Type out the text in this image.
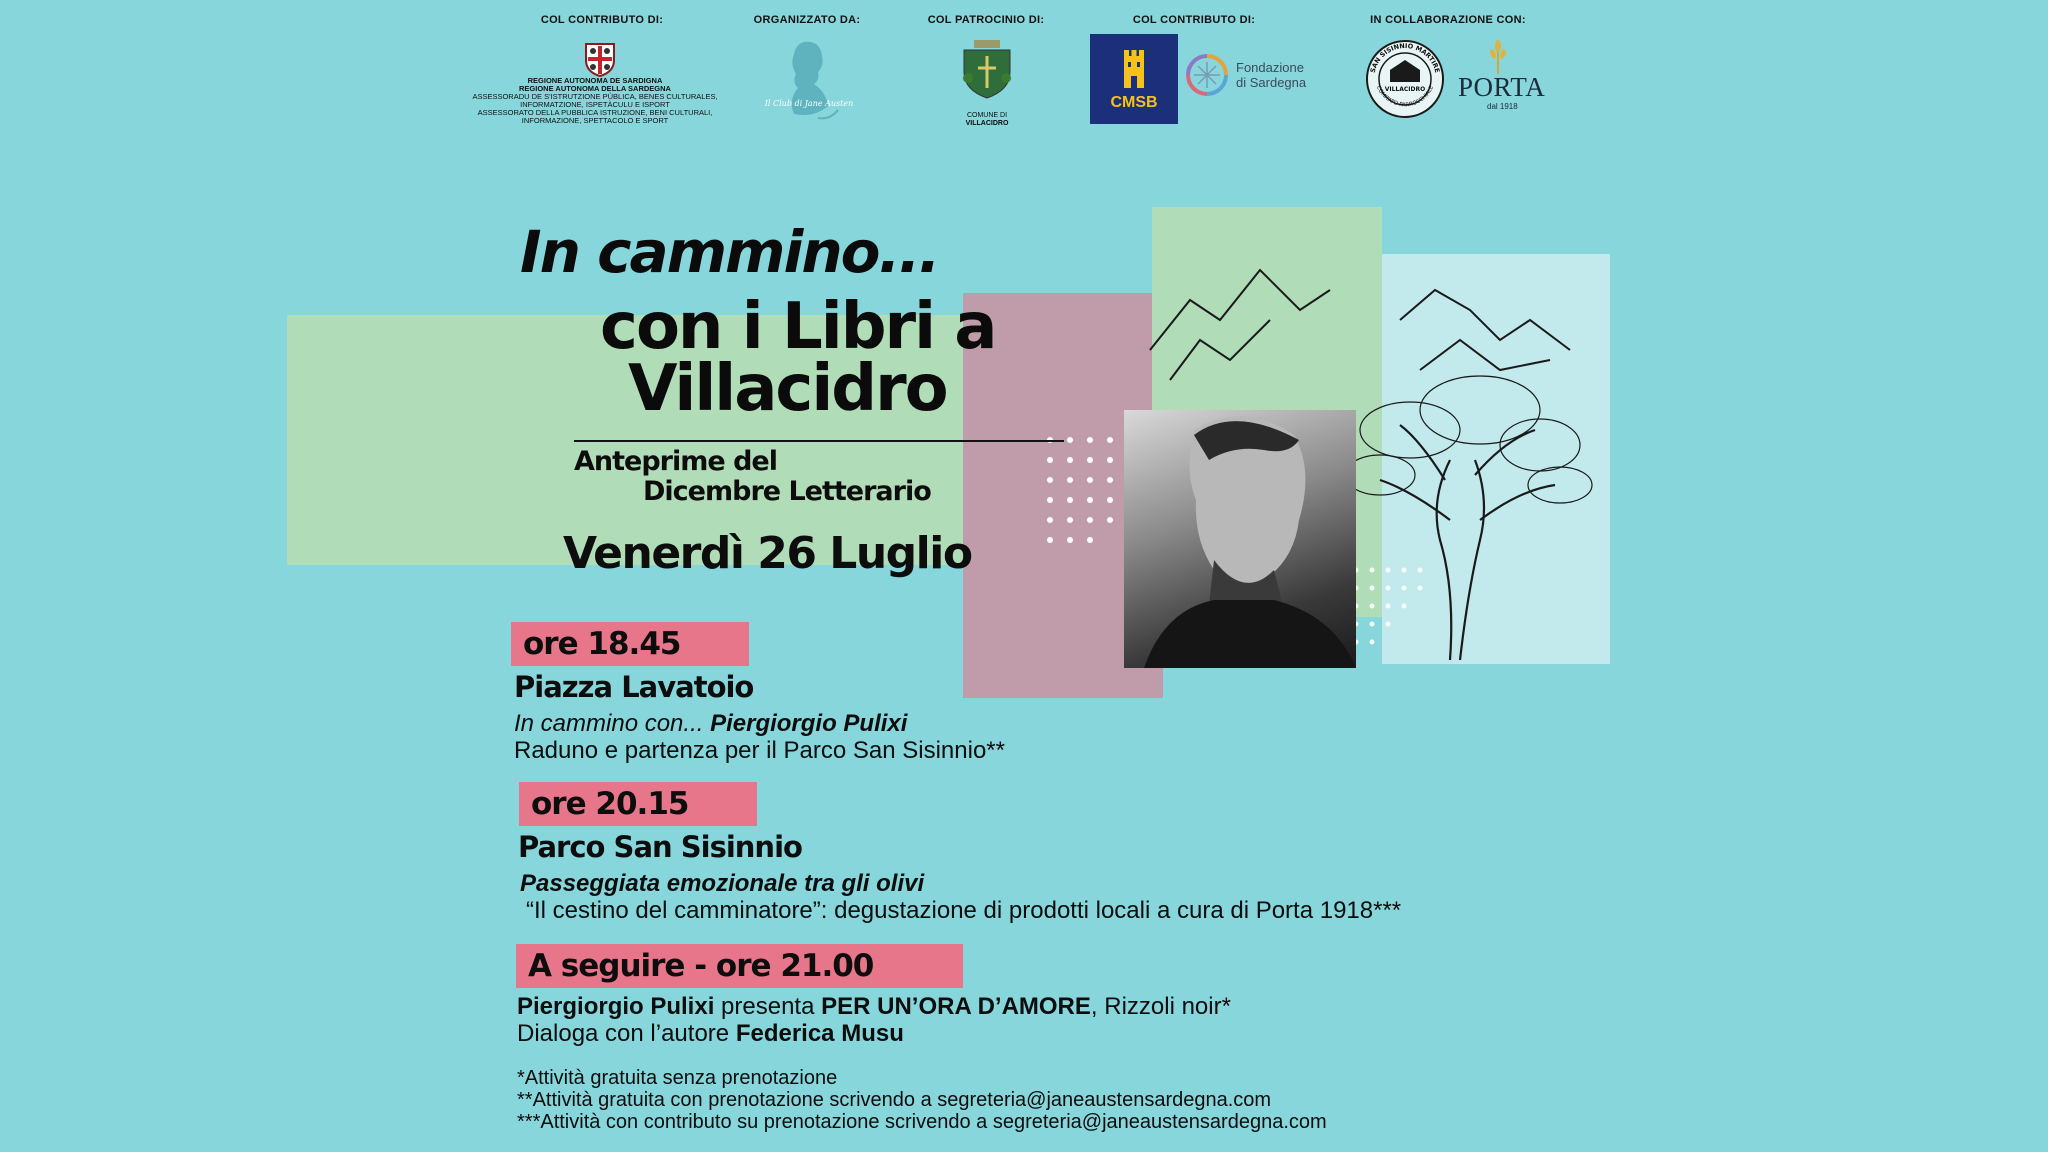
COL CONTRIBUTO DI:	ORGANIZZATO DA:	COL PATROCINIO DI:	COL CONTRIBUTO DI:	IN COLLABORAZIONE CON:
REGIONE AUTONOMA DE SARDIGNA
REGIONE AUTONOMA DELLA SARDEGNA
ASSESSORADU DE S'ISTRUTZIONE PÙBLICA, BENES CULTURALES,
INFORMATZIONE, ISPETÀCULU E ISPORT
ASSESSORATO DELLA PUBBLICA ISTRUZIONE, BENI CULTURALI,
INFORMAZIONE, SPETTACOLO E SPORT
Il Club di Jane Austen
COMUNE DI
VILLACIDRO
CMSB
Fondazione
di Sardegna
SAN SISINNIO MARTIRE
COMITATO PARROCCHIALE
VILLACIDRO PORTA
dal 1918
In cammino...
con i Libri a
Villacidro
Anteprime del
Dicembre Letterario
Venerdì 26 Luglio
ore 18.45
Piazza Lavatoio
In cammino con... Piergiorgio Pulixi
Raduno e partenza per il Parco San Sisinnio**
ore 20.15
Parco San Sisinnio
Passeggiata emozionale tra gli olivi
“Il cestino del camminatore”: degustazione di prodotti locali a cura di Porta 1918***
A seguire - ore 21.00
Piergiorgio Pulixi presenta PER UN’ORA D’AMORE, Rizzoli noir*
Dialoga con l’autore Federica Musu
*Attività gratuita senza prenotazione
**Attività gratuita con prenotazione scrivendo a segreteria@janeaustensardegna.com
***Attività con contributo su prenotazione scrivendo a segreteria@janeaustensardegna.com
